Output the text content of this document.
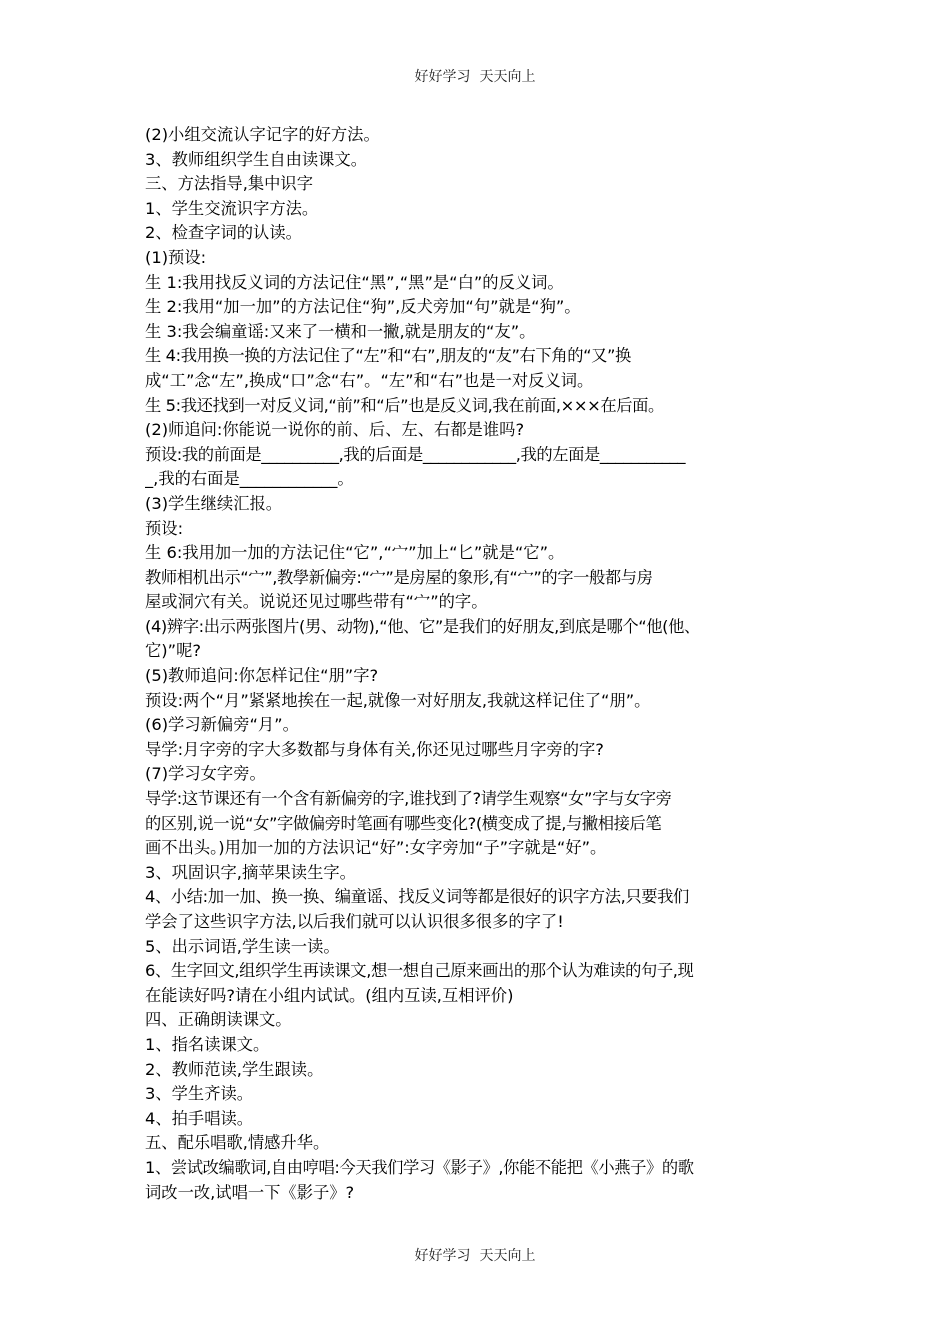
好好学习  天天向上
(2)小组交流认字记字的好方法。
3、教师组织学生自由读课文。
三、方法指导,集中识字
1、学生交流识字方法。
2、检查字词的认读。
(1)预设:
生 1:我用找反义词的方法记住“黑”,“黑”是“白”的反义词。
生 2:我用“加一加”的方法记住“狗”,反犬旁加“句”就是“狗”。
生 3:我会编童谣:又来了一横和一撇,就是朋友的“友”。
生 4:我用换一换的方法记住了“左”和“右”,朋友的“友”右下角的“又”换
成“工”念“左”,换成“口”念“右”。“左”和“右”也是一对反义词。
生 5:我还找到一对反义词,“前”和“后”也是反义词,我在前面,×××在后面。
(2)师追问:你能说一说你的前、后、左、右都是谁吗?
预设:我的前面是__________,我的后面是____________,我的左面是___________
_,我的右面是____________。
(3)学生继续汇报。
预设:
生 6:我用加一加的方法记住“它”,“宀”加上“匕”就是“它”。
教师相机出示“宀”,教學新偏旁:“宀”是房屋的象形,有“宀”的字一般都与房
屋或洞穴有关。说说还见过哪些带有“宀”的字。
(4)辨字:出示两张图片(男、动物),“他、它”是我们的好朋友,到底是哪个“他(他、
它)”呢?
(5)教师追问:你怎样记住“朋”字?
预设:两个“月”紧紧地挨在一起,就像一对好朋友,我就这样记住了“朋”。
(6)学习新偏旁“月”。
导学:月字旁的字大多数都与身体有关,你还见过哪些月字旁的字?
(7)学习女字旁。
导学:这节课还有一个含有新偏旁的字,谁找到了?请学生观察“女”字与女字旁
的区别,说一说“女”字做偏旁时笔画有哪些变化?(横变成了提,与撇相接后笔
画不出头。)用加一加的方法识记“好”:女字旁加“子”字就是“好”。
3、巩固识字,摘苹果读生字。
4、小结:加一加、换一换、编童谣、找反义词等都是很好的识字方法,只要我们
学会了这些识字方法,以后我们就可以认识很多很多的字了!
5、出示词语,学生读一读。
6、生字回文,组织学生再读课文,想一想自己原来画出的那个认为难读的句子,现
在能读好吗?请在小组内试试。(组内互读,互相评价)
四、正确朗读课文。
1、指名读课文。
2、教师范读,学生跟读。
3、学生齐读。
4、拍手唱读。
五、配乐唱歌,情感升华。
1、尝试改编歌词,自由哼唱:今天我们学习《影子》,你能不能把《小燕子》的歌
词改一改,试唱一下《影子》?
好好学习  天天向上
